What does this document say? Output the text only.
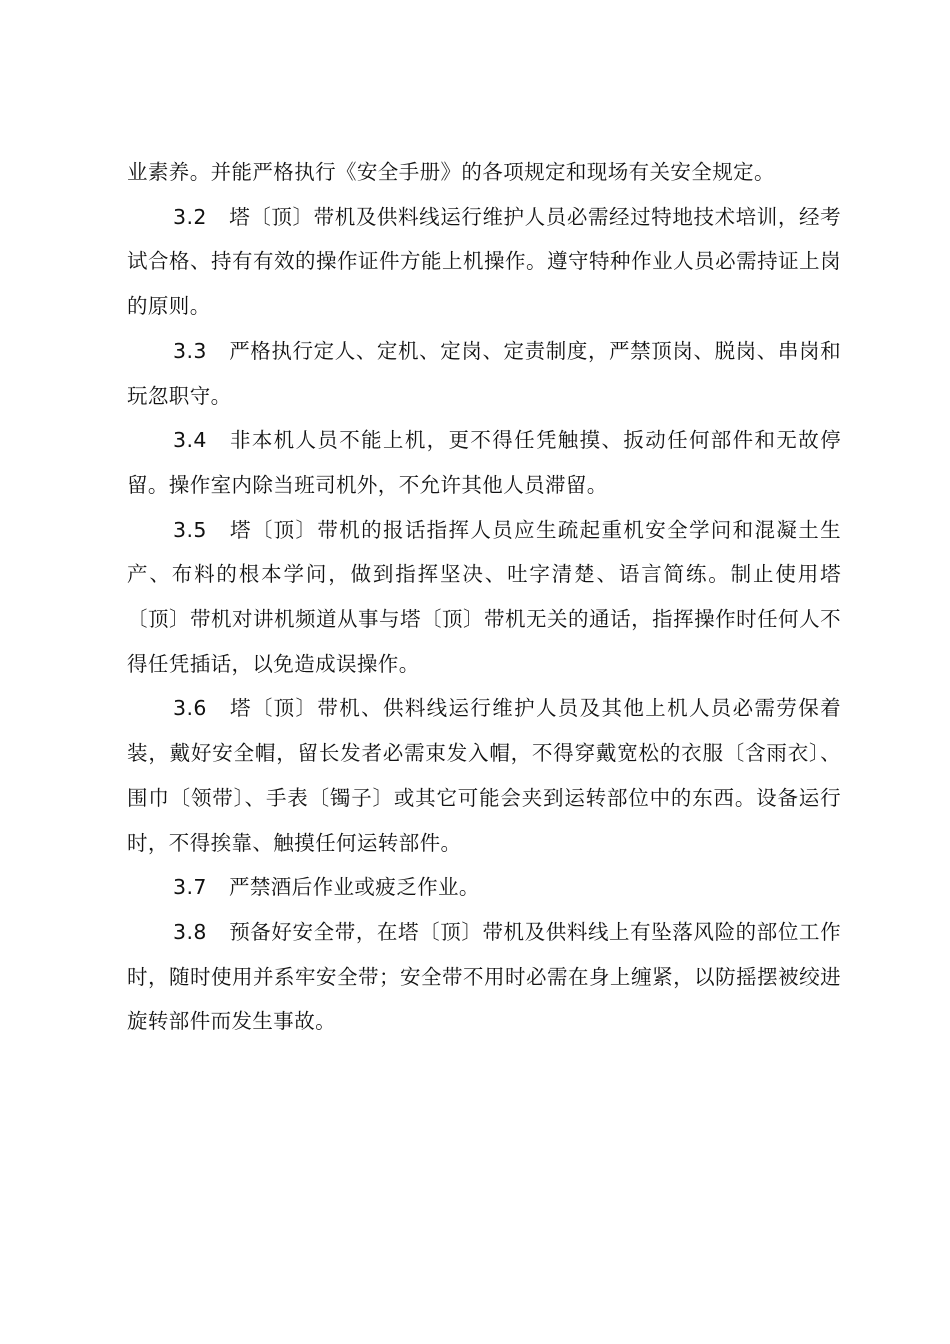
业素养。并能严格执行《安全手册》的各项规定和现场有关安全规定。

3.2 塔〔顶〕带机及供料线运行维护人员必需经过特地技术培训，经考试合格、持有有效的操作证件方能上机操作。遵守特种作业人员必需持证上岗的原则。

3.3 严格执行定人、定机、定岗、定责制度，严禁顶岗、脱岗、串岗和玩忽职守。

3.4 非本机人员不能上机，更不得任凭触摸、扳动任何部件和无故停留。操作室内除当班司机外，不允许其他人员滞留。

3.5 塔〔顶〕带机的报话指挥人员应生疏起重机安全学问和混凝土生产、布料的根本学问，做到指挥坚决、吐字清楚、语言简练。制止使用塔〔顶〕带机对讲机频道从事与塔〔顶〕带机无关的通话，指挥操作时任何人不得任凭插话，以免造成误操作。

3.6 塔〔顶〕带机、供料线运行维护人员及其他上机人员必需劳保着装，戴好安全帽，留长发者必需束发入帽，不得穿戴宽松的衣服〔含雨衣〕、围巾〔领带〕、手表〔镯子〕或其它可能会夹到运转部位中的东西。设备运行时，不得挨靠、触摸任何运转部件。

3.7 严禁酒后作业或疲乏作业。

3.8 预备好安全带，在塔〔顶〕带机及供料线上有坠落风险的部位工作时，随时使用并系牢安全带；安全带不用时必需在身上缠紧，以防摇摆被绞进旋转部件而发生事故。
